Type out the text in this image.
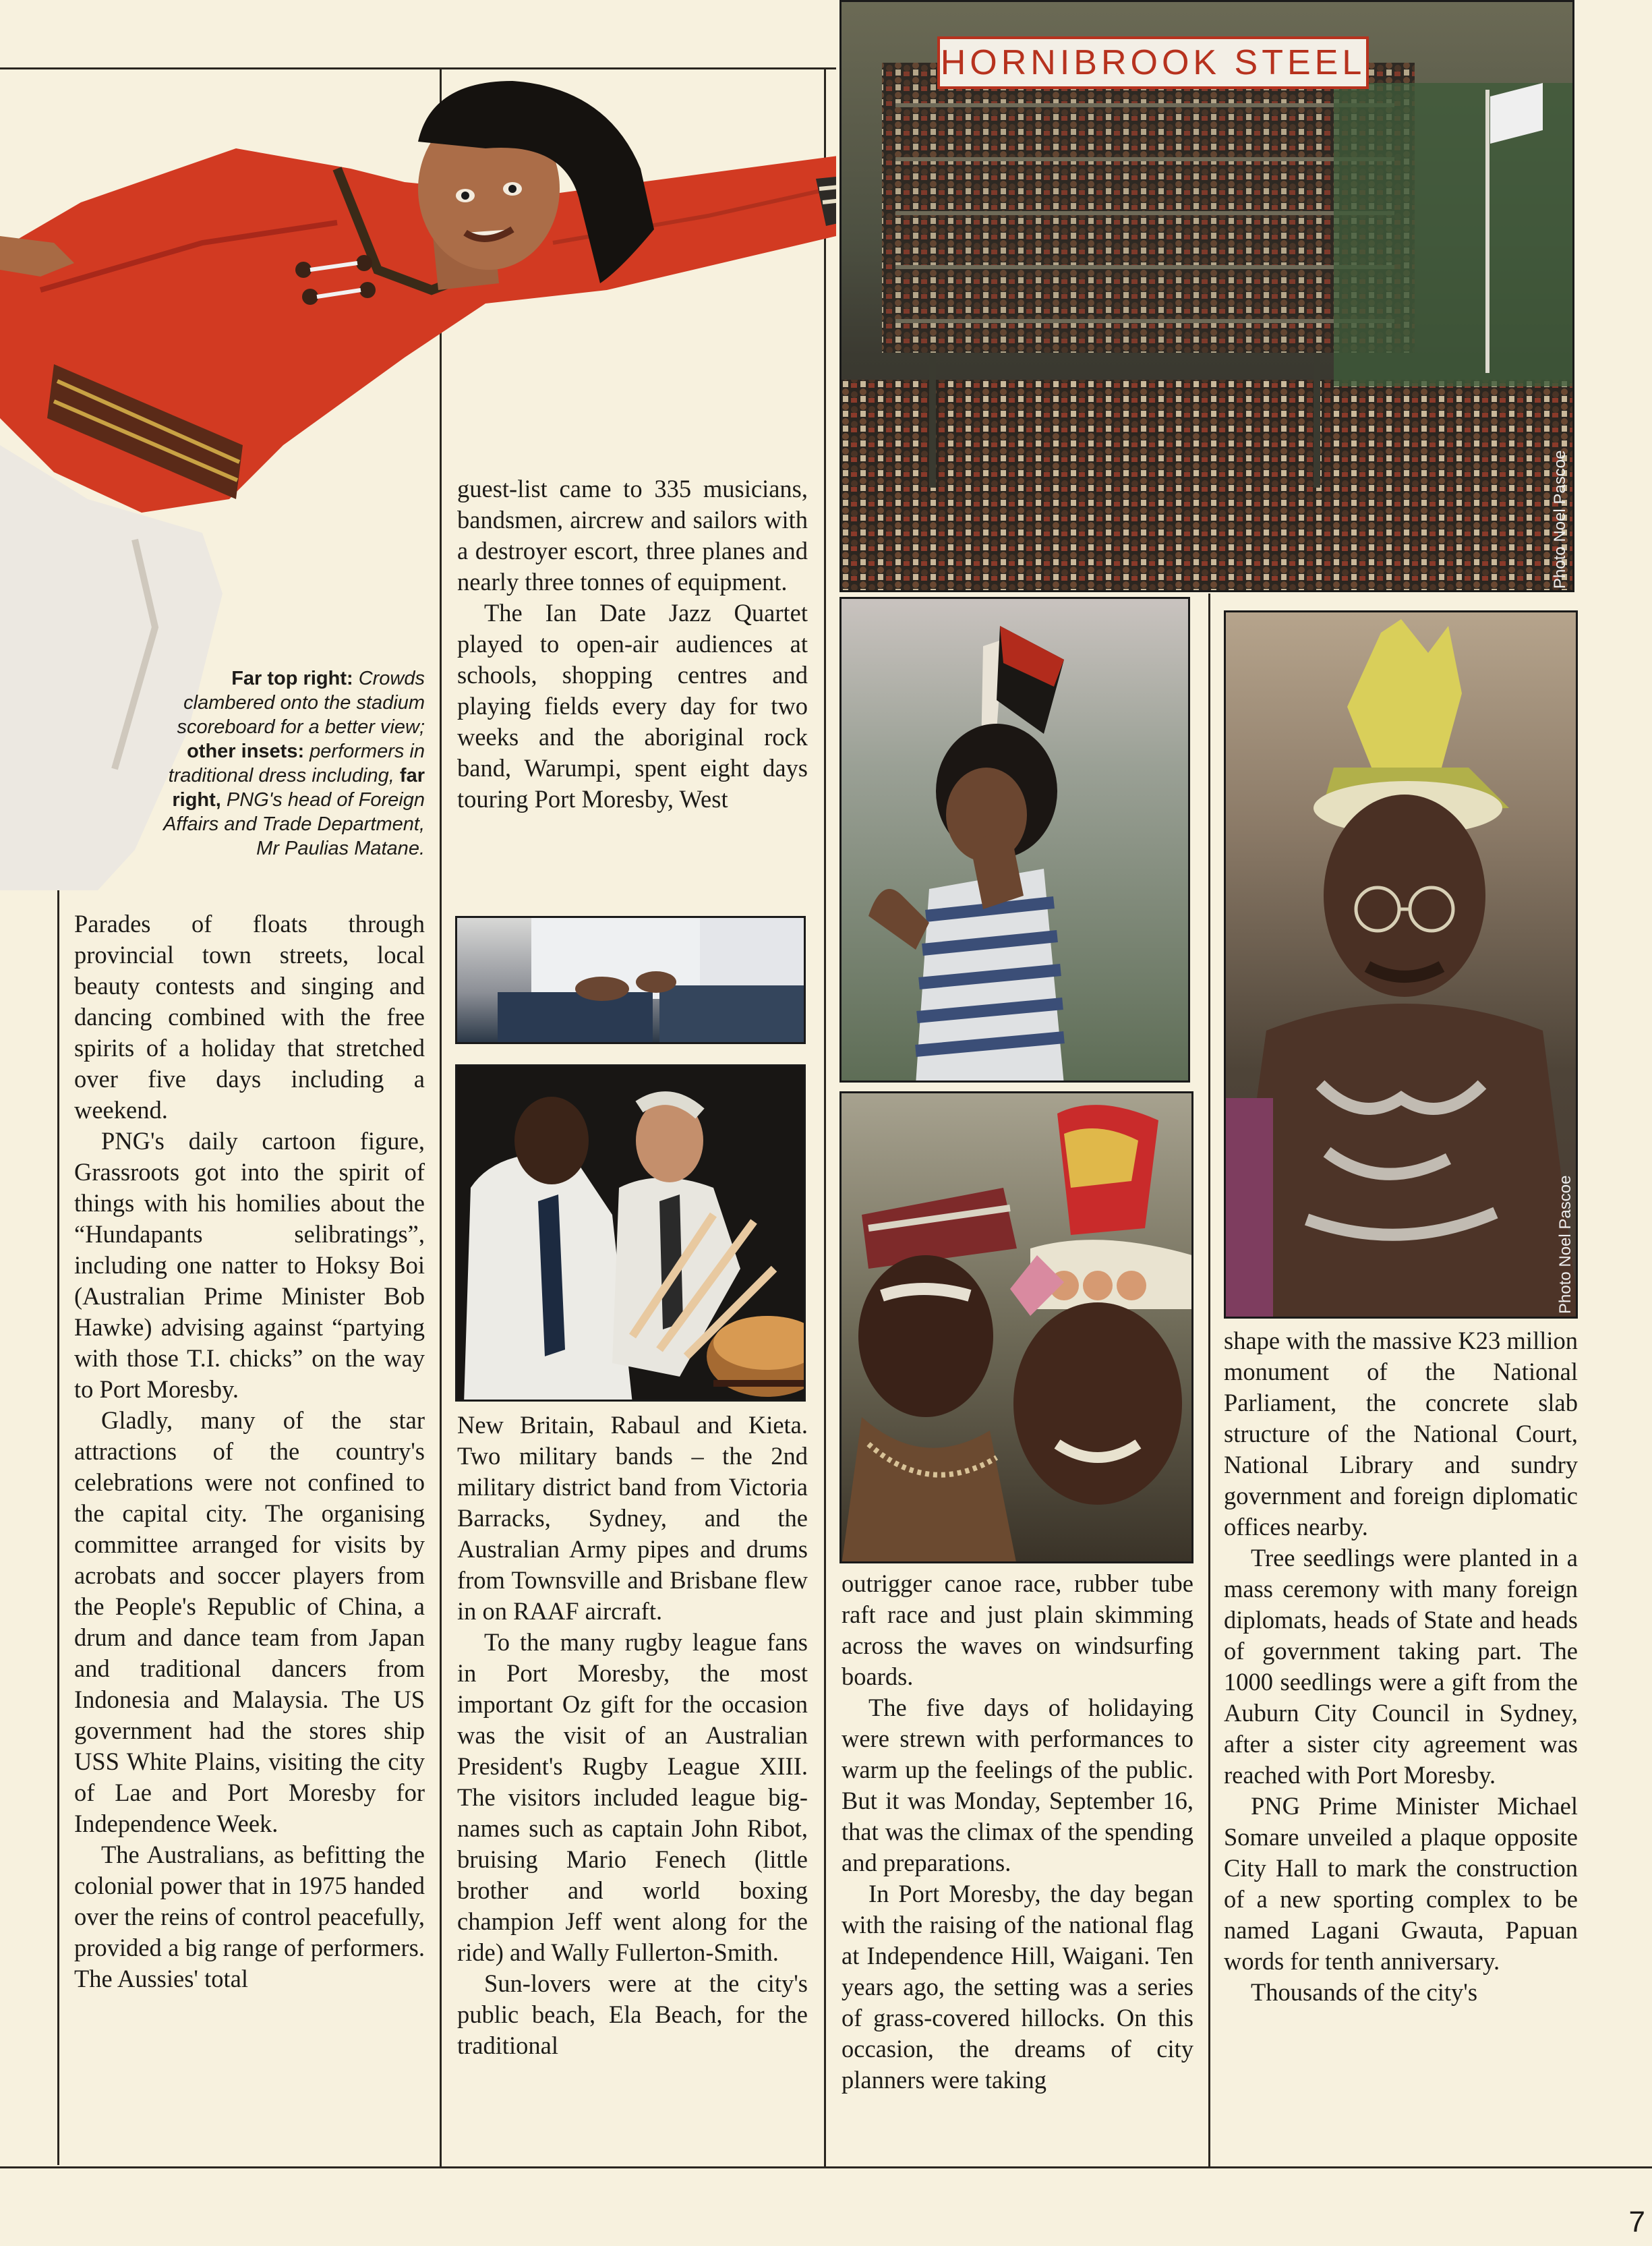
Photo Noel Pascoe
HORNIBROOK STEEL
Photo Noel Pascoe
Far top right: Crowds clambered onto the stadium scoreboard for a better view; other insets: performers in traditional dress including, far right, PNG's head of Foreign Affairs and Trade Department, Mr Paulias Matane.

Parades of floats through provincial town streets, local beauty contests and singing and dancing combined with the free spirits of a holiday that stretched over five days including a weekend.

PNG's daily cartoon figure, Grassroots got into the spirit of things with his homilies about the “Hundapants selibratings”, including one natter to Hoksy Boi (Australian Prime Minister Bob Hawke) advising against “partying with those T.I. chicks” on the way to Port Moresby.

Gladly, many of the star attractions of the country's celebrations were not confined to the capital city. The organising committee arranged for visits by acrobats and soccer players from the People's Republic of China, a drum and dance team from Japan and traditional dancers from Indonesia and Malaysia. The US government had the stores ship USS White Plains, visiting the city of Lae and Port Moresby for Independence Week.

The Australians, as befitting the colonial power that in 1975 handed over the reins of control peacefully, provided a big range of performers. The Aussies' total

guest-list came to 335 musicians, bandsmen, aircrew and sailors with a destroyer escort, three planes and nearly three tonnes of equipment.

The Ian Date Jazz Quartet played to open-air audiences at schools, shopping centres and playing fields every day for two weeks and the aboriginal rock band, Warumpi, spent eight days touring Port Moresby, West

New Britain, Rabaul and Kieta. Two military bands – the 2nd military district band from Victoria Barracks, Sydney, and the Australian Army pipes and drums from Townsville and Brisbane flew in on RAAF aircraft.

To the many rugby league fans in Port Moresby, the most important Oz gift for the occasion was the visit of an Australian President's Rugby League XIII. The visitors included league big-names such as captain John Ribot, bruising Mario Fenech (little brother and world boxing champion Jeff went along for the ride) and Wally Fullerton-Smith.

Sun-lovers were at the city's public beach, Ela Beach, for the traditional

outrigger canoe race, rubber tube raft race and just plain skimming across the waves on windsurfing boards.

The five days of holidaying were strewn with performances to warm up the feelings of the public. But it was Monday, September 16, that was the climax of the spending and preparations.

In Port Moresby, the day began with the raising of the national flag at Independence Hill, Waigani. Ten years ago, the setting was a series of grass-covered hillocks. On this occasion, the dreams of city planners were taking

shape with the massive K23 million monument of the National Parliament, the concrete slab structure of the National Court, National Library and sundry government and foreign diplomatic offices nearby.

Tree seedlings were planted in a mass ceremony with many foreign diplomats, heads of State and heads of government taking part. The 1000 seedlings were a gift from the Auburn City Council in Sydney, after a sister city agreement was reached with Port Moresby.

PNG Prime Minister Michael Somare unveiled a plaque opposite City Hall to mark the construction of a new sporting complex to be named Lagani Gwauta, Papuan words for tenth anniversary.

Thousands of the city's

7
